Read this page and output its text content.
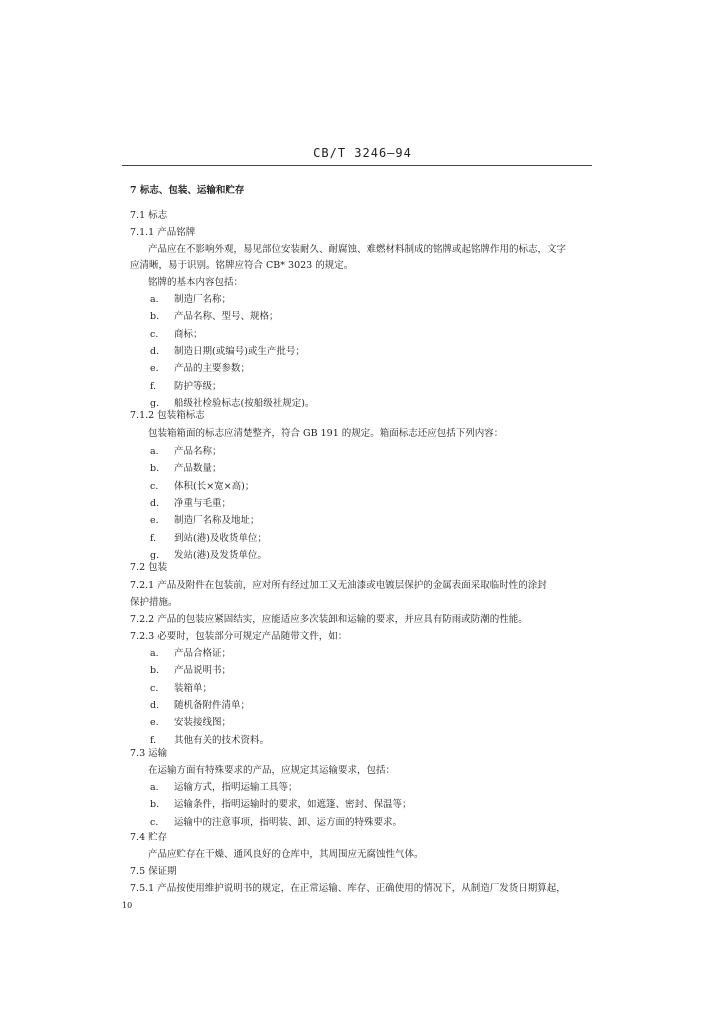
CB/T 3246—94
7 标志、包装、运输和贮存
7.1 标志
7.1.1 产品铭牌
产品应在不影响外观，易见部位安装耐久、耐腐蚀、难燃材料制成的铭牌或起铭牌作用的标志，文字
应清晰，易于识别。铭牌应符合 CB* 3023 的规定。
铭牌的基本内容包括：
a. 制造厂名称；
b. 产品名称、型号、规格；
c. 商标；
d. 制造日期(或编号)或生产批号；
e. 产品的主要参数；
f. 防护等级；
g. 船级社检验标志(按船级社规定)。
7.1.2 包装箱标志
包装箱箱面的标志应清楚整齐，符合 GB 191 的规定。箱面标志还应包括下列内容：
a. 产品名称；
b. 产品数量；
c. 体积(长×宽×高)；
d. 净重与毛重；
e. 制造厂名称及地址；
f. 到站(港)及收货单位；
g. 发站(港)及发货单位。
7.2 包装
7.2.1 产品及附件在包装前，应对所有经过加工又无油漆或电镀层保护的金属表面采取临时性的涂封
保护措施。
7.2.2 产品的包装应紧固结实，应能适应多次装卸和运输的要求，并应具有防雨或防潮的性能。
7.2.3 必要时，包装部分可规定产品随带文件，如：
a. 产品合格证；
b. 产品说明书；
c. 装箱单；
d. 随机备附件清单；
e. 安装接线图；
f. 其他有关的技术资料。
7.3 运输
在运输方面有特殊要求的产品，应规定其运输要求，包括：
a. 运输方式，指明运输工具等；
b. 运输条件，指明运输时的要求，如遮篷、密封、保温等；
c. 运输中的注意事项，指明装、卸、运方面的特殊要求。
7.4 贮存
产品应贮存在干燥、通风良好的仓库中，其周围应无腐蚀性气体。
7.5 保证期
7.5.1 产品按使用维护说明书的规定，在正常运输、库存、正确使用的情况下，从制造厂发货日期算起，
10
